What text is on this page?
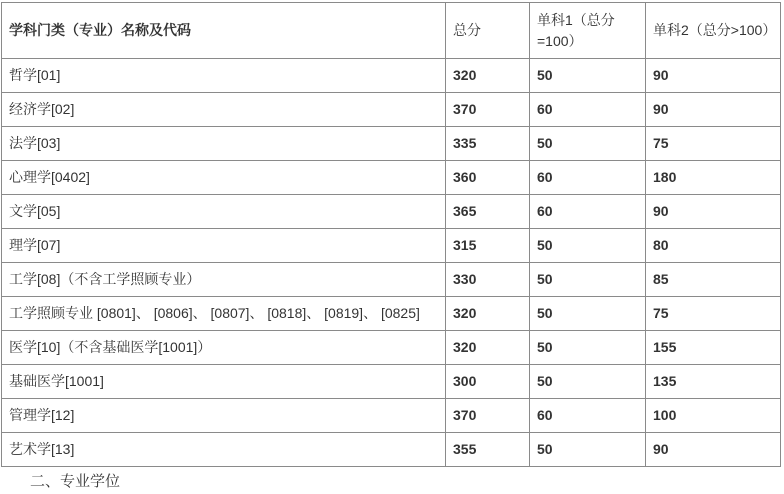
学科门类（专业）名称及代码	总分	单科1（总分=100）	单科2（总分>100）
哲学[01]	320	50	90
经济学[02]	370	60	90
法学[03]	335	50	75
心理学[0402]	360	60	180
文学[05]	365	60	90
理学[07]	315	50	80
工学[08]（不含工学照顾专业）	330	50	85
工学照顾专业 [0801]、 [0806]、 [0807]、 [0818]、 [0819]、 [0825]	320	50	75
医学[10]（不含基础医学[1001]）	320	50	155
基础医学[1001]	300	50	135
管理学[12]	370	60	100
艺术学[13]	355	50	90
二、专业学位
